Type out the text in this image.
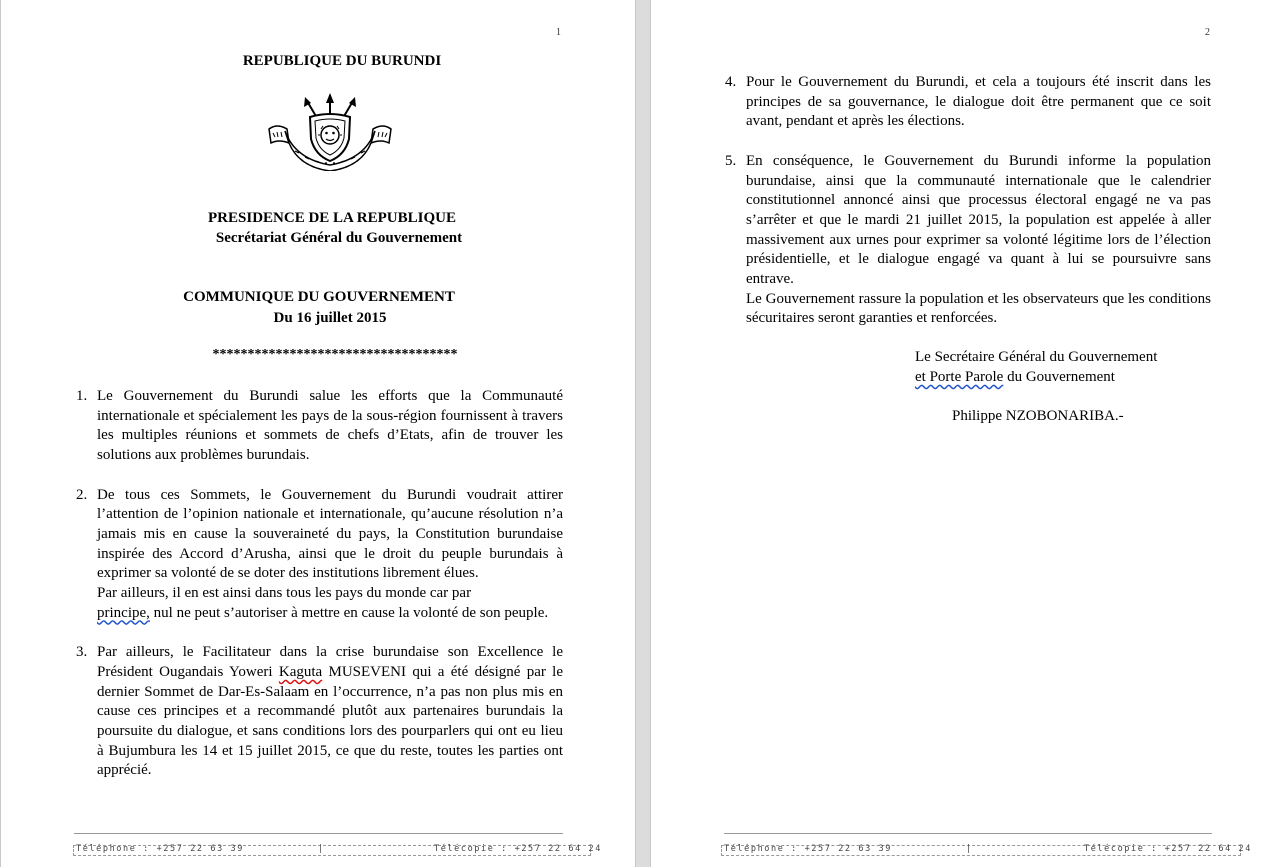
1
REPUBLIQUE DU BURUNDI
PRESIDENCE DE LA REPUBLIQUE
Secrétariat Général du Gouvernement
COMMUNIQUE DU GOUVERNEMENT
Du 16 juillet 2015
***********************************
1. Le Gouvernement du Burundi salue les efforts que la Communauté internationale et spécialement les pays de la sous-région fournissent à travers les multiples réunions et sommets de chefs d’Etats, afin de trouver les solutions aux problèmes burundais.
2. De tous ces Sommets, le Gouvernement du Burundi voudrait attirer l’attention de l’opinion nationale et internationale, qu’aucune résolution n’a jamais mis en cause la souveraineté du pays, la Constitution burundaise inspirée des Accord d’Arusha, ainsi que le droit du peuple burundais à exprimer sa volonté de se doter des institutions librement élues.
Par ailleurs, il en est ainsi dans tous les pays du monde car par
principe, nul ne peut s’autoriser à mettre en cause la volonté de son peuple.
3. Par ailleurs, le Facilitateur dans la crise burundaise son Excellence le Président Ougandais Yoweri Kaguta MUSEVENI qui a été désigné par le dernier Sommet de Dar-Es-Salaam en l’occurrence, n’a pas non plus mis en cause ces principes et a recommandé plutôt aux partenaires burundais la poursuite du dialogue, et sans conditions lors des pourparlers qui ont eu lieu à Bujumbura les 14 et 15 juillet 2015, ce que du reste, toutes les parties ont apprécié.
Téléphone : +257 22 63 39	|	Télécopie : +257 22 64 24
2
4. Pour le Gouvernement du Burundi, et cela a toujours été inscrit dans les principes de sa gouvernance, le dialogue doit être permanent que ce soit avant, pendant et après les élections.
5. En conséquence, le Gouvernement du Burundi informe la population burundaise, ainsi que la communauté internationale que le calendrier constitutionnel annoncé ainsi que processus électoral engagé ne va pas s’arrêter et que le mardi 21 juillet 2015, la population est appelée à aller massivement aux urnes pour exprimer sa volonté légitime lors de l’élection présidentielle, et le dialogue engagé va quant à lui se poursuivre sans entrave.
Le Gouvernement rassure la population et les observateurs que les conditions sécuritaires seront garanties et renforcées.
Le Secrétaire Général du Gouvernement
et Porte Parole du Gouvernement
Philippe NZOBONARIBA.-
Téléphone : +257 22 63 39	|	Télécopie : +257 22 64 24
